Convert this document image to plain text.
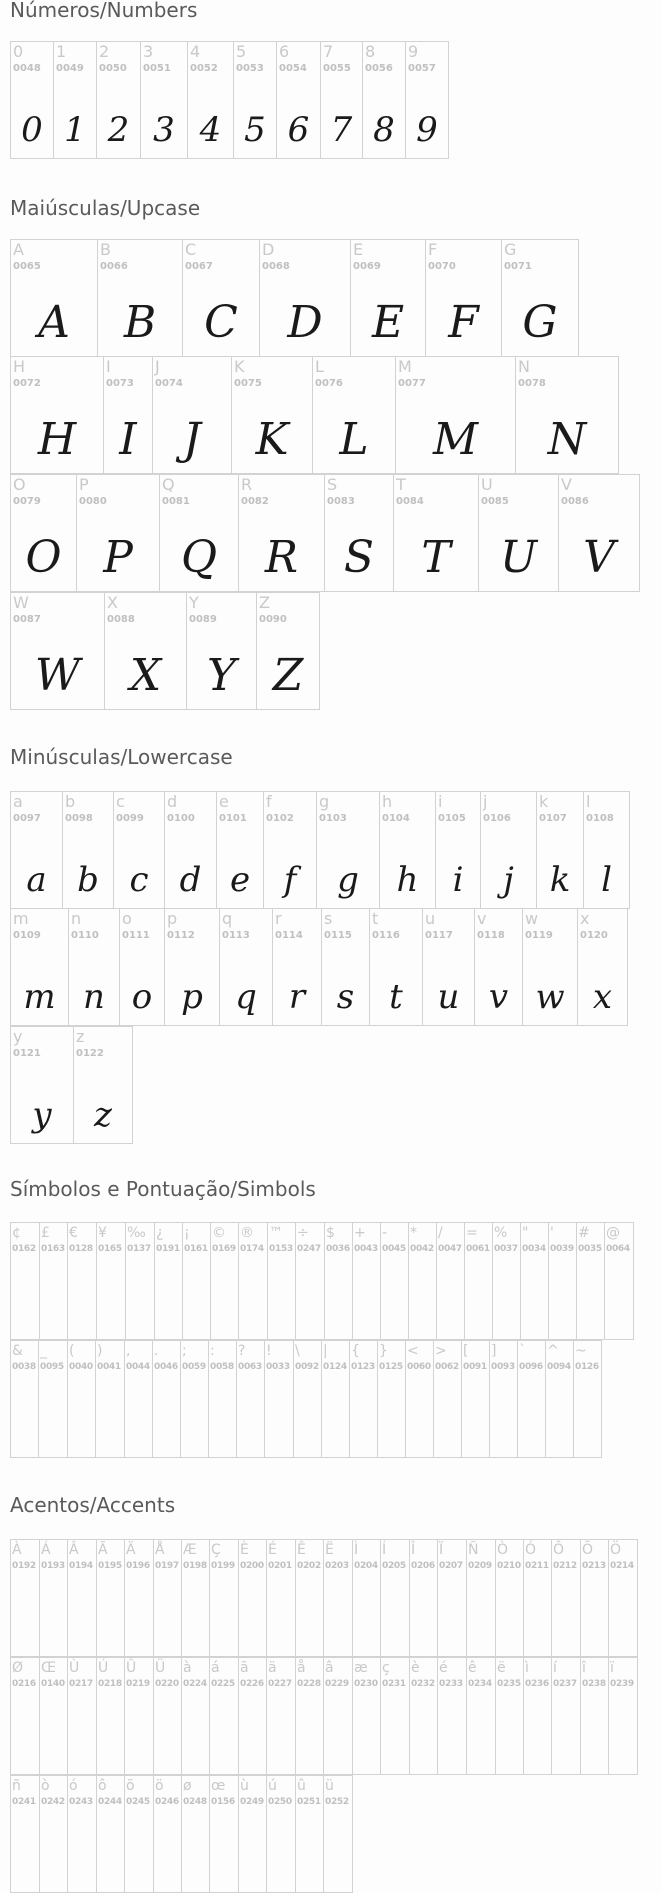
Números/Numbers
0
0048
0
1
0049
1
2
0050
2
3
0051
3
4
0052
4
5
0053
5
6
0054
6
7
0055
7
8
0056
8
9
0057
9
Maiúsculas/Upcase
A
0065
A
B
0066
B
C
0067
C
D
0068
D
E
0069
E
F
0070
F
G
0071
G
H
0072
H
I
0073
I
J
0074
J
K
0075
K
L
0076
L
M
0077
M
N
0078
N
O
0079
O
P
0080
P
Q
0081
Q
R
0082
R
S
0083
S
T
0084
T
U
0085
U
V
0086
V
W
0087
W
X
0088
X
Y
0089
Y
Z
0090
Z
Minúsculas/Lowercase
a
0097
a
b
0098
b
c
0099
c
d
0100
d
e
0101
e
f
0102
f
g
0103
g
h
0104
h
i
0105
i
j
0106
j
k
0107
k
l
0108
l
m
0109
m
n
0110
n
o
0111
o
p
0112
p
q
0113
q
r
0114
r
s
0115
s
t
0116
t
u
0117
u
v
0118
v
w
0119
w
x
0120
x
y
0121
y
z
0122
z
Símbolos e Pontuação/Simbols
¢
0162
£
0163
€
0128
¥
0165
‰
0137
¿
0191
¡
0161
©
0169
®
0174
™
0153
÷
0247
$
0036
+
0043
-
0045
*
0042
/
0047
=
0061
%
0037
"
0034
'
0039
#
0035
@
0064
&
0038
_
0095
(
0040
)
0041
,
0044
.
0046
;
0059
:
0058
?
0063
!
0033
\
0092
|
0124
{
0123
}
0125
<
0060
>
0062
[
0091
]
0093
`
0096
^
0094
~
0126
Acentos/Accents
À
0192
Á
0193
Â
0194
Ã
0195
Ä
0196
Å
0197
Æ
0198
Ç
0199
È
0200
É
0201
Ê
0202
Ë
0203
Ì
0204
Í
0205
Î
0206
Ï
0207
Ñ
0209
Ò
0210
Ó
0211
Ô
0212
Õ
0213
Ö
0214
Ø
0216
Œ
0140
Ù
0217
Ú
0218
Û
0219
Ü
0220
à
0224
á
0225
ã
0226
ä
0227
å
0228
â
0229
æ
0230
ç
0231
è
0232
é
0233
ê
0234
ë
0235
ì
0236
í
0237
î
0238
ï
0239
ñ
0241
ò
0242
ó
0243
ô
0244
õ
0245
ö
0246
ø
0248
œ
0156
ù
0249
ú
0250
û
0251
ü
0252
